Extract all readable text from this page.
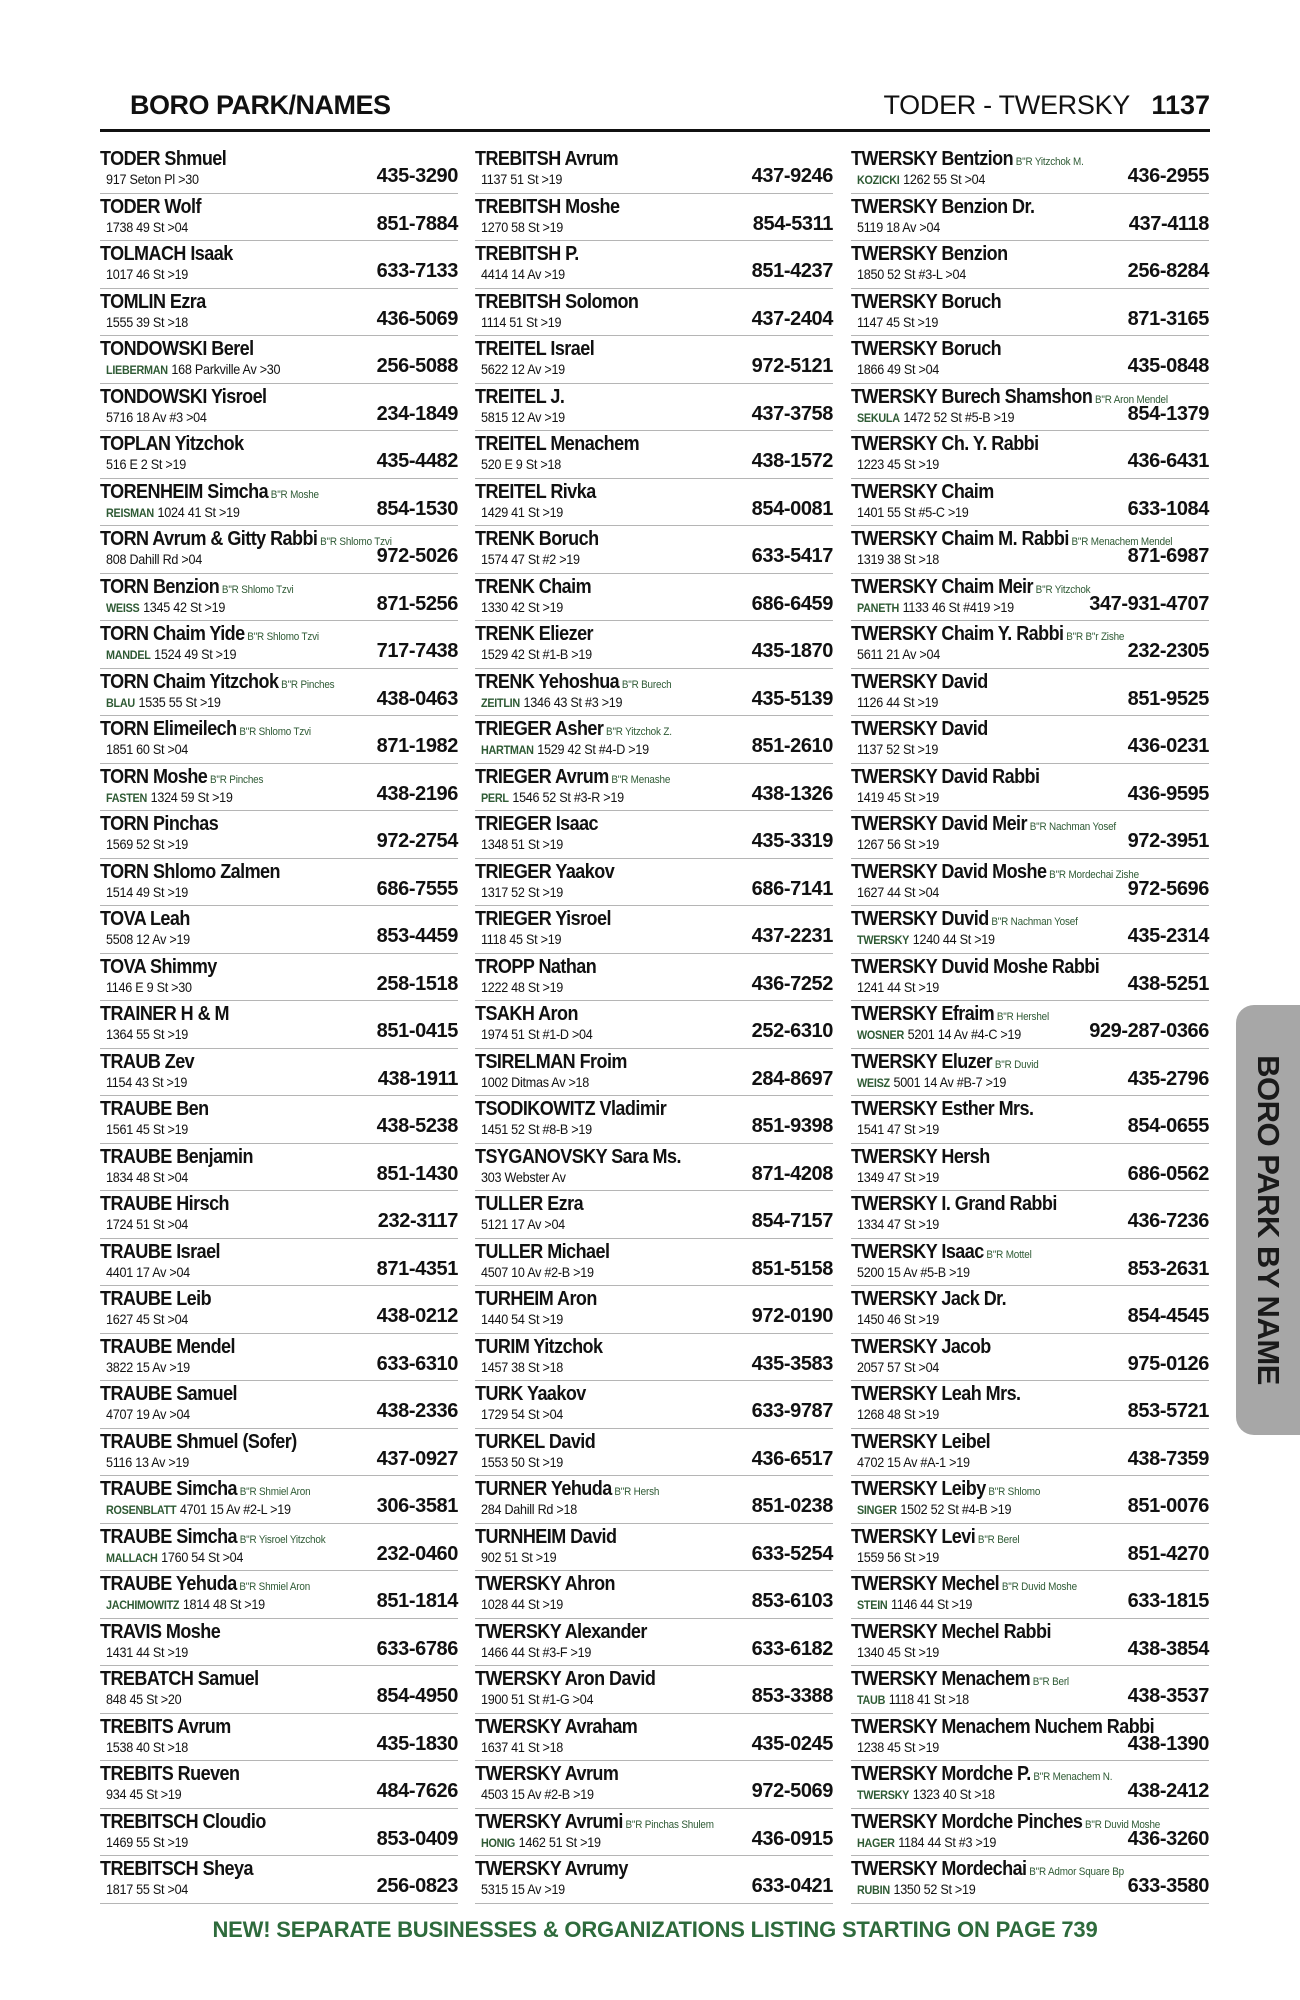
BORO PARK/NAMES	TODER - TWERSKY 1137
TODER Shmuel
917 Seton Pl >30	435-3290
TODER Wolf
1738 49 St >04	851-7884
TOLMACH Isaak
1017 46 St >19	633-7133
TOMLIN Ezra
1555 39 St >18	436-5069
TONDOWSKI Berel
LIEBERMAN 168 Parkville Av >30	256-5088
TONDOWSKI Yisroel
5716 18 Av #3 >04	234-1849
TOPLAN Yitzchok
516 E 2 St >19	435-4482
TORENHEIM Simcha B"R Moshe
REISMAN 1024 41 St >19	854-1530
TORN Avrum & Gitty Rabbi B"R Shlomo Tzvi
808 Dahill Rd >04	972-5026
TORN Benzion B"R Shlomo Tzvi
WEISS 1345 42 St >19	871-5256
TORN Chaim Yide B"R Shlomo Tzvi
MANDEL 1524 49 St >19	717-7438
TORN Chaim Yitzchok B"R Pinches
BLAU 1535 55 St >19	438-0463
TORN Elimeilech B"R Shlomo Tzvi
1851 60 St >04	871-1982
TORN Moshe B"R Pinches
FASTEN 1324 59 St >19	438-2196
TORN Pinchas
1569 52 St >19	972-2754
TORN Shlomo Zalmen
1514 49 St >19	686-7555
TOVA Leah
5508 12 Av >19	853-4459
TOVA Shimmy
1146 E 9 St >30	258-1518
TRAINER H & M
1364 55 St >19	851-0415
TRAUB Zev
1154 43 St >19	438-1911
TRAUBE Ben
1561 45 St >19	438-5238
TRAUBE Benjamin
1834 48 St >04	851-1430
TRAUBE Hirsch
1724 51 St >04	232-3117
TRAUBE Israel
4401 17 Av >04	871-4351
TRAUBE Leib
1627 45 St >04	438-0212
TRAUBE Mendel
3822 15 Av >19	633-6310
TRAUBE Samuel
4707 19 Av >04	438-2336
TRAUBE Shmuel (Sofer)
5116 13 Av >19	437-0927
TRAUBE Simcha B"R Shmiel Aron
ROSENBLATT 4701 15 Av #2-L >19	306-3581
TRAUBE Simcha B"R Yisroel Yitzchok
MALLACH 1760 54 St >04	232-0460
TRAUBE Yehuda B"R Shmiel Aron
JACHIMOWITZ 1814 48 St >19	851-1814
TRAVIS Moshe
1431 44 St >19	633-6786
TREBATCH Samuel
848 45 St >20	854-4950
TREBITS Avrum
1538 40 St >18	435-1830
TREBITS Rueven
934 45 St >19	484-7626
TREBITSCH Cloudio
1469 55 St >19	853-0409
TREBITSCH Sheya
1817 55 St >04	256-0823
TREBITSH Avrum
1137 51 St >19	437-9246
TREBITSH Moshe
1270 58 St >19	854-5311
TREBITSH P.
4414 14 Av >19	851-4237
TREBITSH Solomon
1114 51 St >19	437-2404
TREITEL Israel
5622 12 Av >19	972-5121
TREITEL J.
5815 12 Av >19	437-3758
TREITEL Menachem
520 E 9 St >18	438-1572
TREITEL Rivka
1429 41 St >19	854-0081
TRENK Boruch
1574 47 St #2 >19	633-5417
TRENK Chaim
1330 42 St >19	686-6459
TRENK Eliezer
1529 42 St #1-B >19	435-1870
TRENK Yehoshua B"R Burech
ZEITLIN 1346 43 St #3 >19	435-5139
TRIEGER Asher B"R Yitzchok Z.
HARTMAN 1529 42 St #4-D >19	851-2610
TRIEGER Avrum B"R Menashe
PERL 1546 52 St #3-R >19	438-1326
TRIEGER Isaac
1348 51 St >19	435-3319
TRIEGER Yaakov
1317 52 St >19	686-7141
TRIEGER Yisroel
1118 45 St >19	437-2231
TROPP Nathan
1222 48 St >19	436-7252
TSAKH Aron
1974 51 St #1-D >04	252-6310
TSIRELMAN Froim
1002 Ditmas Av >18	284-8697
TSODIKOWITZ Vladimir
1451 52 St #8-B >19	851-9398
TSYGANOVSKY Sara Ms.
303 Webster Av	871-4208
TULLER Ezra
5121 17 Av >04	854-7157
TULLER Michael
4507 10 Av #2-B >19	851-5158
TURHEIM Aron
1440 54 St >19	972-0190
TURIM Yitzchok
1457 38 St >18	435-3583
TURK Yaakov
1729 54 St >04	633-9787
TURKEL David
1553 50 St >19	436-6517
TURNER Yehuda B"R Hersh
284 Dahill Rd >18	851-0238
TURNHEIM David
902 51 St >19	633-5254
TWERSKY Ahron
1028 44 St >19	853-6103
TWERSKY Alexander
1466 44 St #3-F >19	633-6182
TWERSKY Aron David
1900 51 St #1-G >04	853-3388
TWERSKY Avraham
1637 41 St >18	435-0245
TWERSKY Avrum
4503 15 Av #2-B >19	972-5069
TWERSKY Avrumi B"R Pinchas Shulem
HONIG 1462 51 St >19	436-0915
TWERSKY Avrumy
5315 15 Av >19	633-0421
TWERSKY Bentzion B"R Yitzchok M.
KOZICKI 1262 55 St >04	436-2955
TWERSKY Benzion Dr.
5119 18 Av >04	437-4118
TWERSKY Benzion
1850 52 St #3-L >04	256-8284
TWERSKY Boruch
1147 45 St >19	871-3165
TWERSKY Boruch
1866 49 St >04	435-0848
TWERSKY Burech Shamshon B"R Aron Mendel
SEKULA 1472 52 St #5-B >19	854-1379
TWERSKY Ch. Y. Rabbi
1223 45 St >19	436-6431
TWERSKY Chaim
1401 55 St #5-C >19	633-1084
TWERSKY Chaim M. Rabbi B"R Menachem Mendel
1319 38 St >18	871-6987
TWERSKY Chaim Meir B"R Yitzchok
PANETH 1133 46 St #419 >19	347-931-4707
TWERSKY Chaim Y. Rabbi B"R B"r Zishe
5611 21 Av >04	232-2305
TWERSKY David
1126 44 St >19	851-9525
TWERSKY David
1137 52 St >19	436-0231
TWERSKY David Rabbi
1419 45 St >19	436-9595
TWERSKY David Meir B"R Nachman Yosef
1267 56 St >19	972-3951
TWERSKY David Moshe B"R Mordechai Zishe
1627 44 St >04	972-5696
TWERSKY Duvid B"R Nachman Yosef
TWERSKY 1240 44 St >19	435-2314
TWERSKY Duvid Moshe Rabbi
1241 44 St >19	438-5251
TWERSKY Efraim B"R Hershel
WOSNER 5201 14 Av #4-C >19	929-287-0366
TWERSKY Eluzer B"R Duvid
WEISZ 5001 14 Av #B-7 >19	435-2796
TWERSKY Esther Mrs.
1541 47 St >19	854-0655
TWERSKY Hersh
1349 47 St >19	686-0562
TWERSKY I. Grand Rabbi
1334 47 St >19	436-7236
TWERSKY Isaac B"R Mottel
5200 15 Av #5-B >19	853-2631
TWERSKY Jack Dr.
1450 46 St >19	854-4545
TWERSKY Jacob
2057 57 St >04	975-0126
TWERSKY Leah Mrs.
1268 48 St >19	853-5721
TWERSKY Leibel
4702 15 Av #A-1 >19	438-7359
TWERSKY Leiby B"R Shlomo
SINGER 1502 52 St #4-B >19	851-0076
TWERSKY Levi B"R Berel
1559 56 St >19	851-4270
TWERSKY Mechel B"R Duvid Moshe
STEIN 1146 44 St >19	633-1815
TWERSKY Mechel Rabbi
1340 45 St >19	438-3854
TWERSKY Menachem B"R Berl
TAUB 1118 41 St >18	438-3537
TWERSKY Menachem Nuchem Rabbi
1238 45 St >19	438-1390
TWERSKY Mordche P. B"R Menachem N.
TWERSKY 1323 40 St >18	438-2412
TWERSKY Mordche Pinches B"R Duvid Moshe
HAGER 1184 44 St #3 >19	436-3260
TWERSKY Mordechai B"R Admor Square Bp
RUBIN 1350 52 St >19	633-3580
BORO PARK BY NAME
NEW! SEPARATE BUSINESSES & ORGANIZATIONS LISTING STARTING ON PAGE 739
